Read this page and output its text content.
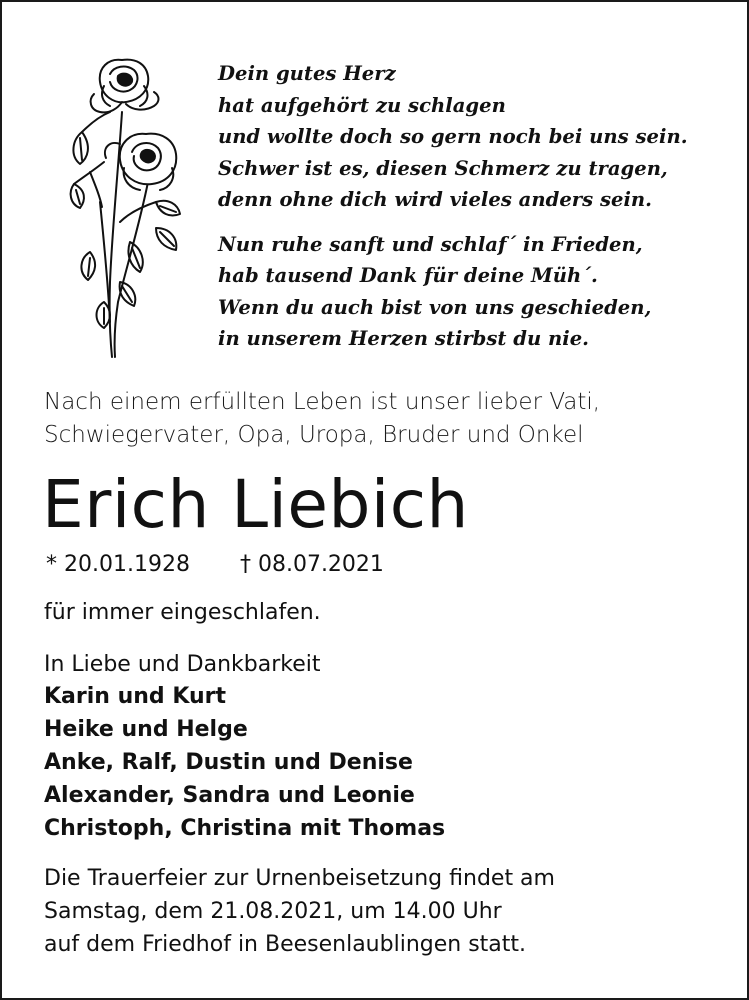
Dein gutes Herz
hat aufgehört zu schlagen
und wollte doch so gern noch bei uns sein.
Schwer ist es, diesen Schmerz zu tragen,
denn ohne dich wird vieles anders sein.
Nun ruhe sanft und schlaf´ in Frieden,
hab tausend Dank für deine Müh´.
Wenn du auch bist von uns geschieden,
in unserem Herzen stirbst du nie.
Nach einem erfüllten Leben ist unser lieber Vati,
Schwiegervater, Opa, Uropa, Bruder und Onkel
Erich Liebich
* 20.01.1928 † 08.07.2021
für immer eingeschlafen.
In Liebe und Dankbarkeit
Karin und Kurt
Heike und Helge
Anke, Ralf, Dustin und Denise
Alexander, Sandra und Leonie
Christoph, Christina mit Thomas
Die Trauerfeier zur Urnenbeisetzung findet am
Samstag, dem 21.08.2021, um 14.00 Uhr
auf dem Friedhof in Beesenlaublingen statt.
